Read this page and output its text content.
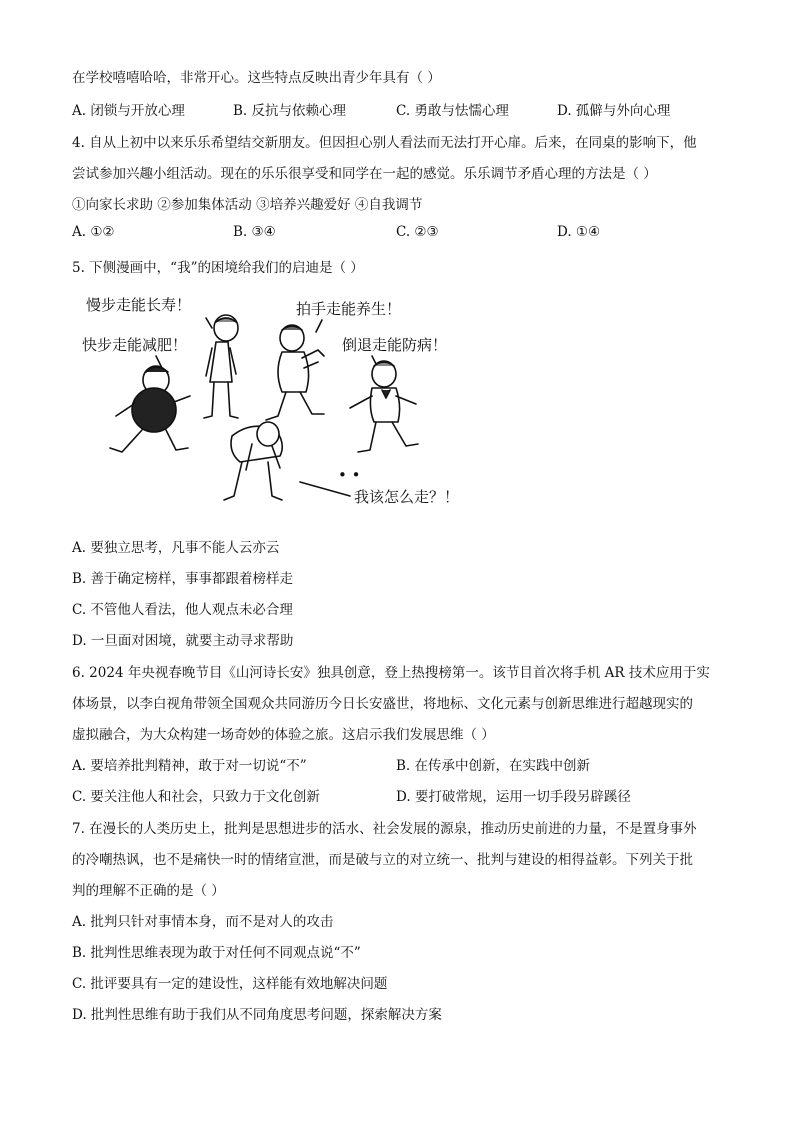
在学校嘻嘻哈哈，非常开心。这些特点反映出青少年具有（ ）
A. 闭锁与开放心理	B. 反抗与依赖心理	C. 勇敢与怯懦心理	D. 孤僻与外向心理
4. 自从上初中以来乐乐希望结交新朋友。但因担心别人看法而无法打开心扉。后来，在同桌的影响下，他
尝试参加兴趣小组活动。现在的乐乐很享受和同学在一起的感觉。乐乐调节矛盾心理的方法是（ ）
①向家长求助 ②参加集体活动 ③培养兴趣爱好 ④自我调节
A. ①②	B. ③④	C. ②③	D. ①④
5. 下侧漫画中，“我”的困境给我们的启迪是（ ）
慢步走能长寿！	拍手走能养生！
快步走能减肥！	倒退走能防病！
我该怎么走？！
• •
A. 要独立思考，凡事不能人云亦云
B. 善于确定榜样，事事都跟着榜样走
C. 不管他人看法，他人观点未必合理
D. 一旦面对困境，就要主动寻求帮助
6. 2024 年央视春晚节目《山河诗长安》独具创意，登上热搜榜第一。该节目首次将手机 AR 技术应用于实
体场景，以李白视角带领全国观众共同游历今日长安盛世，将地标、文化元素与创新思维进行超越现实的
虚拟融合，为大众构建一场奇妙的体验之旅。这启示我们发展思维（ ）
A. 要培养批判精神，敢于对一切说“不”	B. 在传承中创新，在实践中创新
C. 要关注他人和社会，只致力于文化创新	D. 要打破常规，运用一切手段另辟蹊径
7. 在漫长的人类历史上，批判是思想进步的活水、社会发展的源泉，推动历史前进的力量，不是置身事外
的冷嘲热讽，也不是痛快一时的情绪宣泄，而是破与立的对立统一、批判与建设的相得益彰。下列关于批
判的理解不正确的是（ ）
A. 批判只针对事情本身，而不是对人的攻击
B. 批判性思维表现为敢于对任何不同观点说“不”
C. 批评要具有一定的建设性，这样能有效地解决问题
D. 批判性思维有助于我们从不同角度思考问题，探索解决方案
